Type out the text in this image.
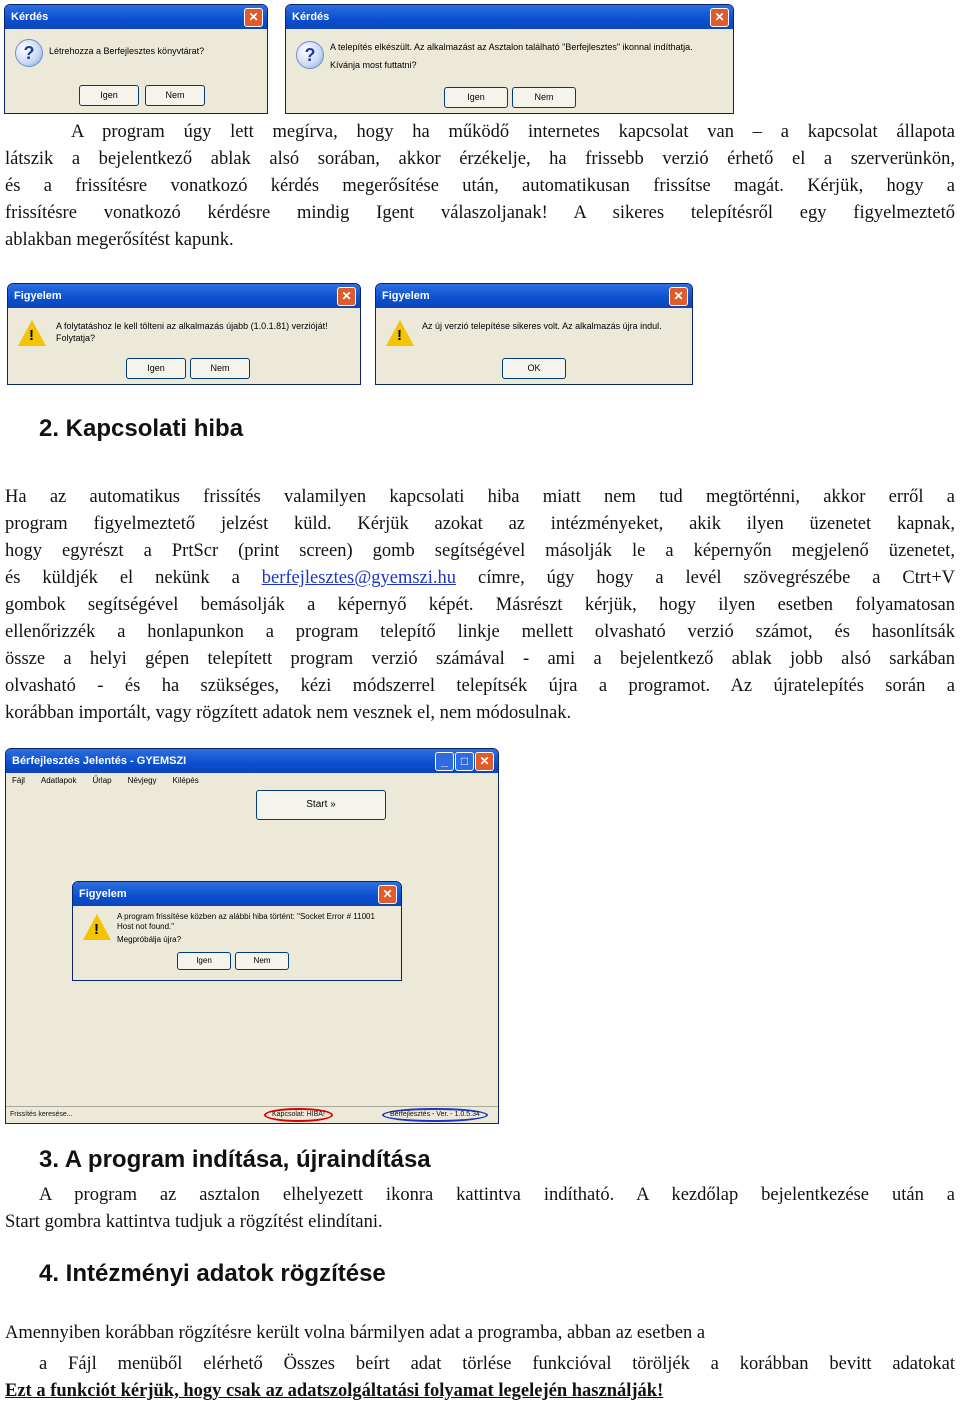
Kérdés	✕
?	Létrehozza a Berfejlesztes könyvtárat?
Igen	Nem
Kérdés	✕
?	A telepítés elkészült. Az alkalmazást az Asztalon található "Berfejlesztes" ikonnal indíthatja.
Kívánja most futtatni?
Igen	Nem
A program úgy lett megírva, hogy ha működő internetes kapcsolat van – a kapcsolat állapota
látszik a bejelentkező ablak alsó sorában, akkor érzékelje, ha frissebb verzió érhető el a szerverünkön,
és a frissítésre vonatkozó kérdés megerősítése után, automatikusan frissítse magát. Kérjük, hogy a
frissítésre vonatkozó kérdésre mindig Igent válaszoljanak! A sikeres telepítésről egy figyelmeztető
ablakban megerősítést kapunk.
Figyelem	✕
!
A folytatáshoz le kell tölteni az alkalmazás újabb (1.0.1.81) verzióját! Folytatja?
Igen	Nem
Figyelem	✕
!
Az új verzió telepítése sikeres volt. Az alkalmazás újra indul.
OK
2. Kapcsolati hiba
Ha az automatikus frissítés valamilyen kapcsolati hiba miatt nem tud megtörténni, akkor erről a
program figyelmeztető jelzést küld. Kérjük azokat az intézményeket, akik ilyen üzenetet kapnak,
hogy egyrészt a PrtScr (print screen) gomb segítségével másolják le a képernyőn megjelenő üzenetet,
és küldjék el nekünk a berfejlesztes@gyemszi.hu címre, úgy hogy a levél szövegrészébe a Ctrt+V
gombok segítségével bemásolják a képernyő képét. Másrészt kérjük, hogy ilyen esetben folyamatosan
ellenőrizzék a honlapunkon a program telepítő linkje mellett olvasható verzió számot, és hasonlítsák
össze a helyi gépen telepített program verzió számával - ami a bejelentkező ablak jobb alsó sarkában
olvasható - és ha szükséges, kézi módszerrel telepítsék újra a programot. Az újratelepítés során a
korábban importált, vagy rögzített adatok nem vesznek el, nem módosulnak.
Bérfejlesztés Jelentés - GYEMSZI	✕
□
_
Fájl Adatlapok Űrlap Névjegy Kilépés
Start »
Figyelem	✕
!
A program frissítése közben az alábbi hiba történt: "Socket Error # 11001 Host not found."
Megpróbálja újra?
Igen	Nem
Frissítés keresése...	Kapcsolat: HIBA!	Bérfejlesztés - Ver. - 1.0.5.34
3. A program indítása, újraindítása
A program az asztalon elhelyezett ikonra kattintva indítható. A kezdőlap bejelentkezése után a
Start gombra kattintva tudjuk a rögzítést elindítani.
4. Intézményi adatok rögzítése
Amennyiben korábban rögzítésre került volna bármilyen adat a programba, abban az esetben a
a Fájl menüből elérhető Összes beírt adat törlése funkcióval töröljék a korábban bevitt adatokat
Ezt a funkciót kérjük, hogy csak az adatszolgáltatási folyamat legelején használják!
